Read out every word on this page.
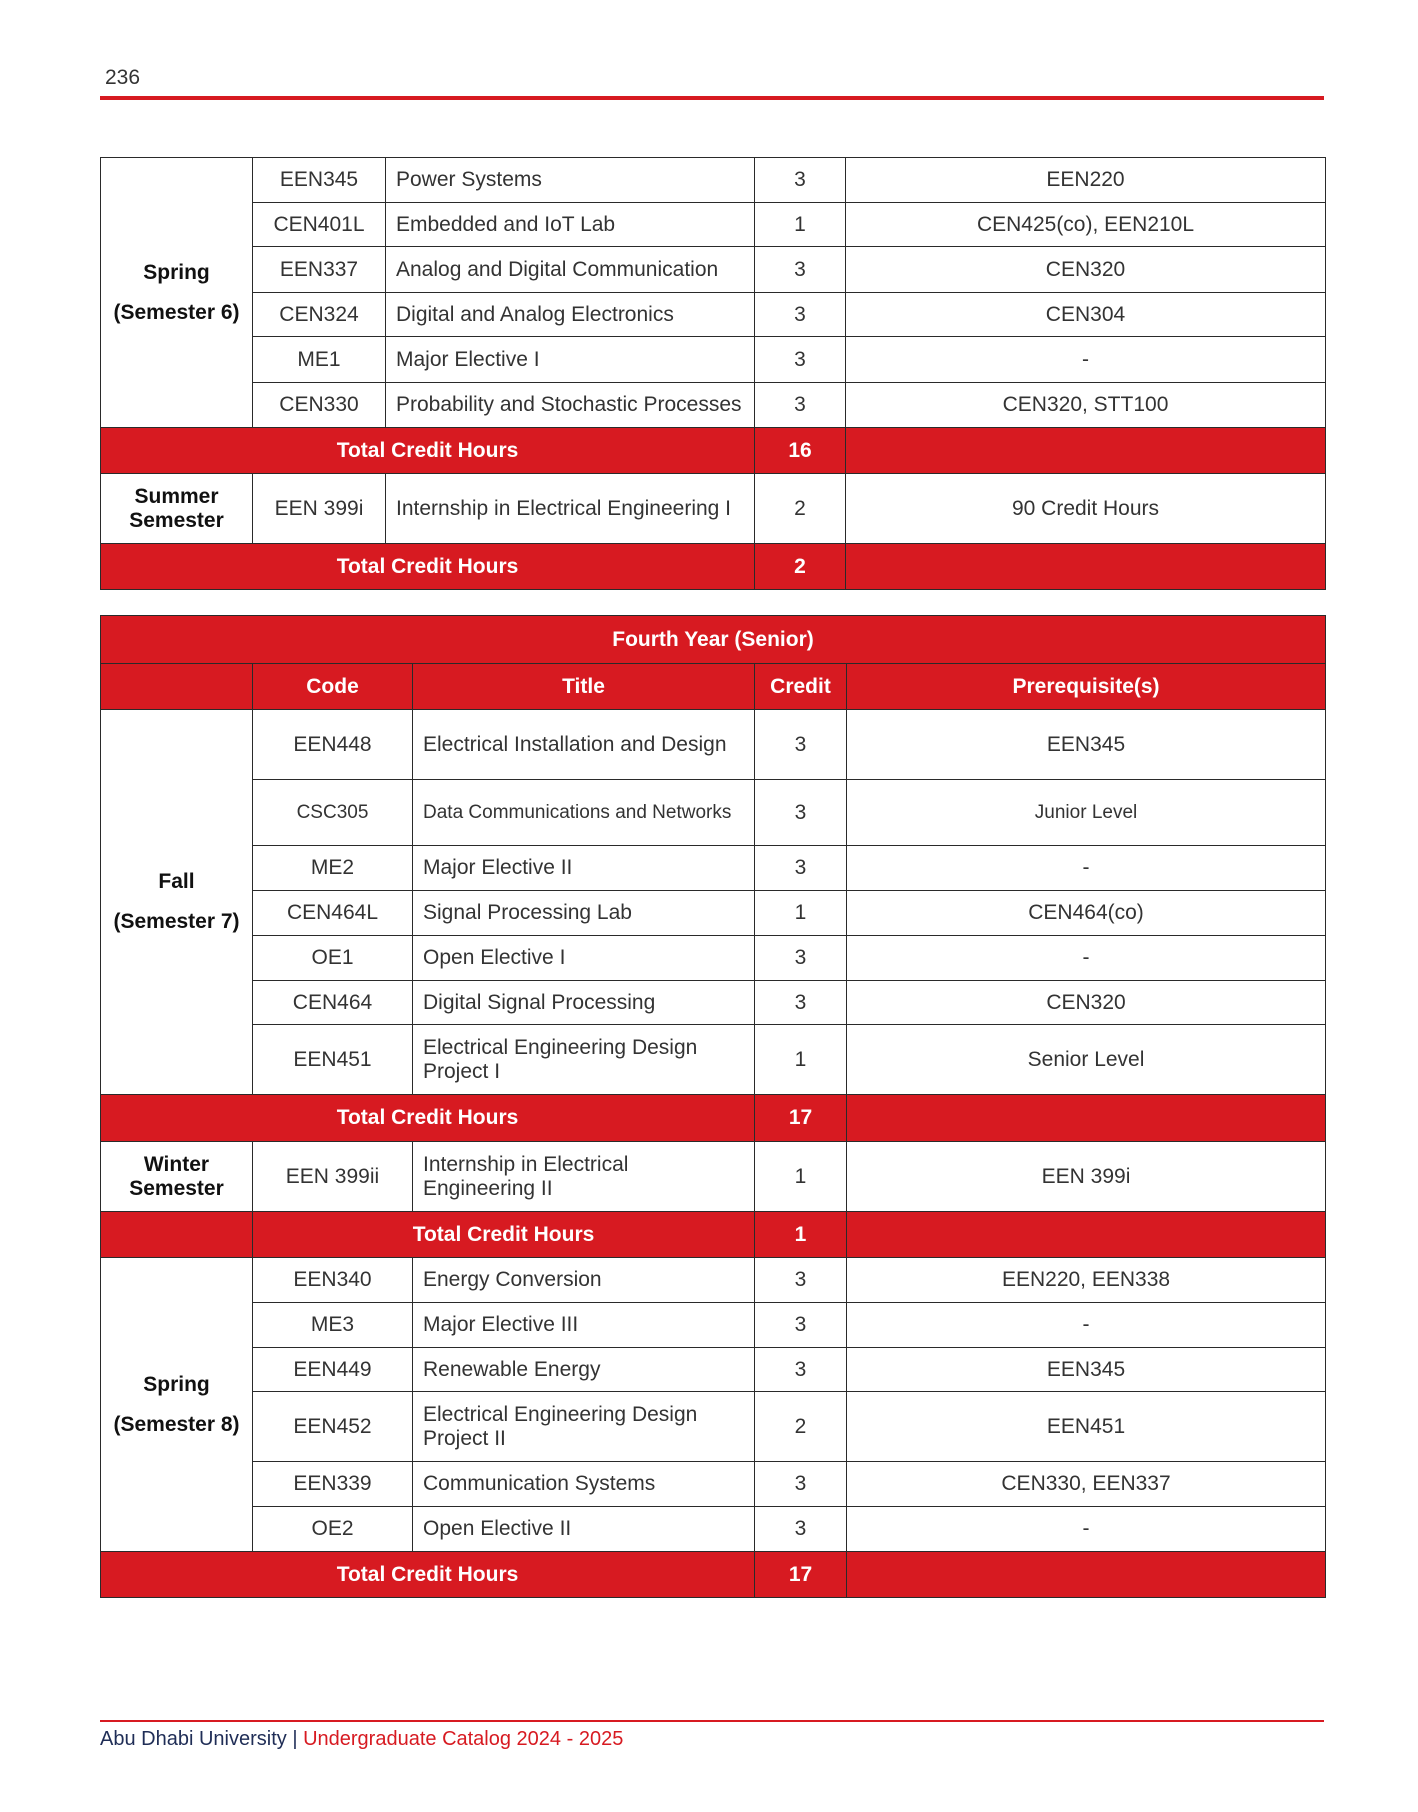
236
Spring
(Semester 6)	EEN345	Power Systems	3	EEN220
	CEN401L	Embedded and IoT Lab	1	CEN425(co), EEN210L
	EEN337	Analog and Digital Communication	3	CEN320
	CEN324	Digital and Analog Electronics	3	CEN304
	ME1	Major Elective I	3	-
	CEN330	Probability and Stochastic Processes	3	CEN320, STT100
Total Credit Hours			16	

Summer
Semester	EEN 399i	Internship in Electrical Engineering I	2	90 Credit Hours
Total Credit Hours			2	
Fourth Year (Senior)				
	Code	Title	Credit	Prerequisite(s)

Fall
(Semester 7)	EEN448	Electrical Installation and Design	3	EEN345
	CSC305	Data Communications and Networks	3	Junior Level
	ME2	Major Elective II	3	-
	CEN464L	Signal Processing Lab	1	CEN464(co)
	OE1	Open Elective I	3	-
	CEN464	Digital Signal Processing	3	CEN320
	EEN451	Electrical Engineering Design Project I	1	Senior Level
Total Credit Hours			17	

Winter
Semester	EEN 399ii	Internship in Electrical Engineering II	1	EEN 399i
	Total Credit Hours		1	

Spring
(Semester 8)	EEN340	Energy Conversion	3	EEN220, EEN338
	ME3	Major Elective III	3	-
	EEN449	Renewable Energy	3	EEN345
	EEN452	Electrical Engineering Design Project II	2	EEN451
	EEN339	Communication Systems	3	CEN330, EEN337
	OE2	Open Elective II	3	-
Total Credit Hours			17	
Abu Dhabi University | Undergraduate Catalog 2024 - 2025
